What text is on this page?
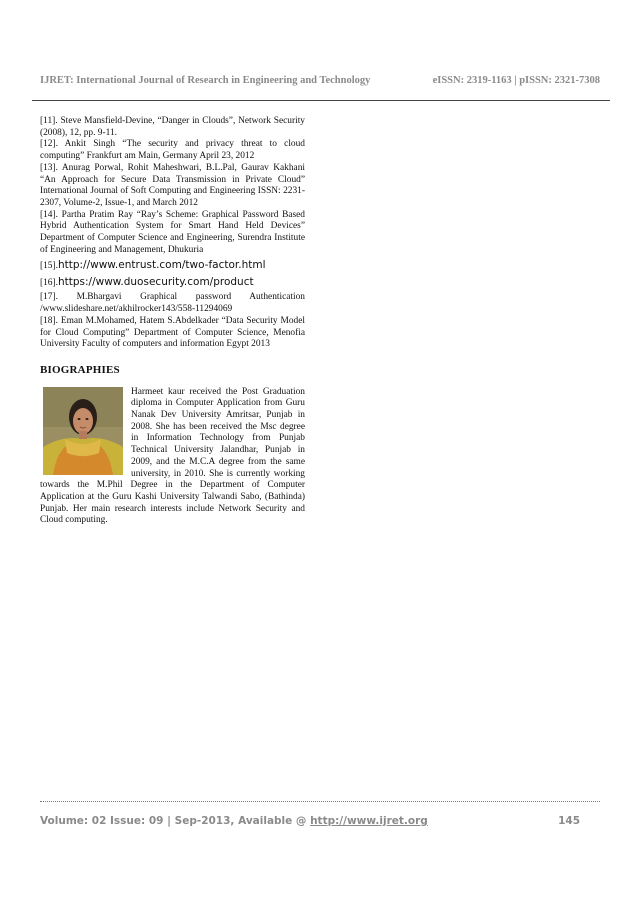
IJRET: International Journal of Research in Engineering and Technology	eISSN: 2319-1163 | pISSN: 2321-7308

[11]. Steve Mansfield-Devine, “Danger in Clouds”, Network Security (2008), 12, pp. 9-11.

[12]. Ankit Singh “The security and privacy threat to cloud computing” Frankfurt am Main, Germany April 23, 2012

[13]. Anurag Porwal, Rohit Maheshwari, B.L.Pal, Gaurav Kakhani “An Approach for Secure Data Transmission in Private Cloud” International Journal of Soft Computing and Engineering ISSN: 2231-2307, Volume-2, Issue-1, and March 2012

[14]. Partha Pratim Ray “Ray’s Scheme: Graphical Password Based Hybrid Authentication System for Smart Hand Held Devices” Department of Computer Science and Engineering, Surendra Institute of Engineering and Management, Dhukuria

[15].http://www.entrust.com/two-factor.html

[16].https://www.duosecurity.com/product

[17]. M.Bhargavi Graphical password Authentication /www.slideshare.net/akhilrocker143/558-11294069

[18]. Eman M.Mohamed, Hatem S.Abdelkader “Data Security Model for Cloud Computing” Department of Computer Science, Menofia University Faculty of computers and information Egypt 2013

BIOGRAPHIES

Harmeet kaur received the Post Graduation diploma in Computer Application from Guru Nanak Dev University Amritsar, Punjab in 2008. She has been received the Msc degree in Information Technology from Punjab Technical University Jalandhar, Punjab in 2009, and the M.C.A degree from the same university, in 2010. She is currently working towards the M.Phil Degree in the Department of Computer Application at the Guru Kashi University Talwandi Sabo, (Bathinda) Punjab. Her main research interests include Network Security and Cloud computing.

Volume: 02 Issue: 09 | Sep-2013, Available @ http://www.ijret.org	145
